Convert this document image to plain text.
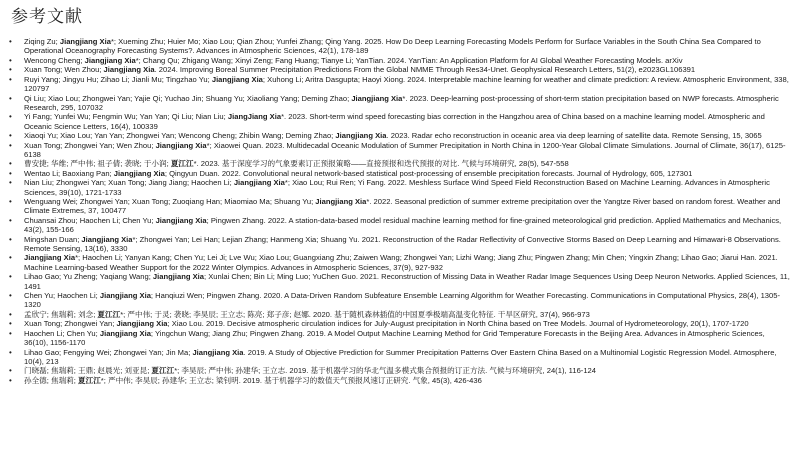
参考文献
• Ziqing Zu; Jiangjiang Xia*; Xueming Zhu; Huier Mo; Xiao Lou; Qian Zhou; Yunfei Zhang; Qing Yang. 2025. How Do Deep Learning Forecasting Models Perform for Surface Variables in the South China Sea Compared to Operational Oceanography Forecasting Systems?. Advances in Atmospheric Sciences, 42(1), 178-189
• Wencong Cheng; Jiangjiang Xia*; Chang Qu; Zhigang Wang; Xinyi Zeng; Fang Huang; Tianye Li; YanTian. 2024. YanTian: An Application Platform for AI Global Weather Forecasting Models. arXiv
• Xuan Tong; Wen Zhou; Jiangjiang Xia. 2024. Improving Boreal Summer Precipitation Predictions From the Global NMME Through Res34-Unet. Geophysical Research Letters, 51(2), e2023GL106391
• Ruyi Yang; Jingyu Hu; Zihao Li; Jianli Mu; Tingzhao Yu; Jiangjiang Xia; Xuhong Li; Aritra Dasgupta; Haoyi Xiong. 2024. Interpretable machine learning for weather and climate prediction: A review. Atmospheric Environment, 338, 120797
• Qi Liu; Xiao Lou; Zhongwei Yan; Yajie Qi; Yuchao Jin; Shuang Yu; Xiaoliang Yang; Deming Zhao; Jiangjiang Xia*. 2023. Deep-learning post-processing of short-term station precipitation based on NWP forecasts. Atmospheric Research, 295, 107032
• Yi Fang; Yunfei Wu; Fengmin Wu; Yan Yan; Qi Liu; Nian Liu; JiangJiang Xia*. 2023. Short-term wind speed forecasting bias correction in the Hangzhou area of China based on a machine learning model. Atmospheric and Oceanic Science Letters, 16(4), 100339
• Xiaoqi Yu; Xiao Lou; Yan Yan; Zhongwei Yan; Wencong Cheng; Zhibin Wang; Deming Zhao; Jiangjiang Xia. 2023. Radar echo reconstruction in oceanic area via deep learning of satellite data. Remote Sensing, 15, 3065
• Xuan Tong; Zhongwei Yan; Wen Zhou; Jiangjiang Xia*; Xiaowei Quan. 2023. Multidecadal Oceanic Modulation of Summer Precipitation in North China in 1200-Year Global Climate Simulations. Journal of Climate, 36(17), 6125-6138
• 曹安捷; 华维; 严中伟; 祖子倩; 袭晓; 于小润; 夏江江*. 2023. 基于深度学习的气象要素订正预报策略——直接预报和迭代预报的对比. 气候与环境研究, 28(5), 547-558
• Wentao Li; Baoxiang Pan; Jiangjiang Xia; Qingyun Duan. 2022. Convolutional neural network-based statistical post-processing of ensemble precipitation forecasts. Journal of Hydrology, 605, 127301
• Nian Liu; Zhongwei Yan; Xuan Tong; Jiang Jiang; Haochen Li; Jiangjiang Xia*; Xiao Lou; Rui Ren; Yi Fang. 2022. Meshless Surface Wind Speed Field Reconstruction Based on Machine Learning. Advances in Atmospheric Sciences, 39(10), 1721-1733
• Wenguang Wei; Zhongwei Yan; Xuan Tong; Zuoqiang Han; Miaomiao Ma; Shuang Yu; Jiangjiang Xia*. 2022. Seasonal prediction of summer extreme precipitation over the Yangtze River based on random forest. Weather and Climate Extremes, 37, 100477
• Chuansai Zhou; Haochen Li; Chen Yu; Jiangjiang Xia; Pingwen Zhang. 2022. A station-data-based model residual machine learning method for fine-grained meteorological grid prediction. Applied Mathematics and Mechanics, 43(2), 155-166
• Mingshan Duan; Jiangjiang Xia*; Zhongwei Yan; Lei Han; Lejian Zhang; Hanmeng Xia; Shuang Yu. 2021. Reconstruction of the Radar Reflectivity of Convective Storms Based on Deep Learning and Himawari-8 Observations. Remote Sensing, 13(16), 3330
• Jiangjiang Xia*; Haochen Li; Yanyan Kang; Chen Yu; Lei Ji; Lve Wu; Xiao Lou; Guangxiang Zhu; Zaiwen Wang; Zhongwei Yan; Lizhi Wang; Jiang Zhu; Pingwen Zhang; Min Chen; Yingxin Zhang; Lihao Gao; Jiarui Han. 2021. Machine Learning-based Weather Support for the 2022 Winter Olympics. Advances in Atmospheric Sciences, 37(9), 927-932
• Lihao Gao; Yu Zheng; Yaqiang Wang; Jiangjiang Xia; Xunlai Chen; Bin Li; Ming Luo; YuChen Guo. 2021. Reconstruction of Missing Data in Weather Radar Image Sequences Using Deep Neuron Networks. Applied Sciences, 11, 1491
• Chen Yu; Haochen Li; Jiangjiang Xia; Hanqiuzi Wen; Pingwen Zhang. 2020. A Data-Driven Random Subfeature Ensemble Learning Algorithm for Weather Forecasting. Communications in Computational Physics, 28(4), 1305-1320
• 孟欣宁; 焦瑞莉; 刘念; 夏江江*; 严中伟; 于灵; 袭晓; 李昊辰; 王立志; 陈亮; 郑子彦; 赵娜. 2020. 基于随机森林插值的中国夏季极端高温变化特征. 干旱区研究, 37(4), 966-973
• Xuan Tong; Zhongwei Yan; Jiangjiang Xia; Xiao Lou. 2019. Decisive atmospheric circulation indices for July-August precipitation in North China based on Tree Models. Journal of Hydrometeorology, 20(1), 1707-1720
• Haochen Li; Chen Yu; Jiangjiang Xia; Yingchun Wang; Jiang Zhu; Pingwen Zhang. 2019. A Model Output Machine Learning Method for Grid Temperature Forecasts in the Beijing Area. Advances in Atmospheric Sciences, 36(10), 1156-1170
• Lihao Gao; Fengying Wei; Zhongwei Yan; Jin Ma; Jiangjiang Xia. 2019. A Study of Objective Prediction for Summer Precipitation Patterns Over Eastern China Based on a Multinomial Logistic Regression Model. Atmosphere, 10(4), 213
• 门晓磊; 焦瑞莉; 王鼎; 赵晨光; 刘亚昆; 夏江江*; 李昊辰; 严中伟; 孙建华; 王立志. 2019. 基于机器学习的华北气温多模式集合预报的订正方法. 气候与环境研究, 24(1), 116-124
• 孙全德; 焦瑞莉; 夏江江*; 严中伟; 李昊辰; 孙建华; 王立志; 梁钊明. 2019. 基于机器学习的数值天气预报风速订正研究. 气象, 45(3), 426-436
